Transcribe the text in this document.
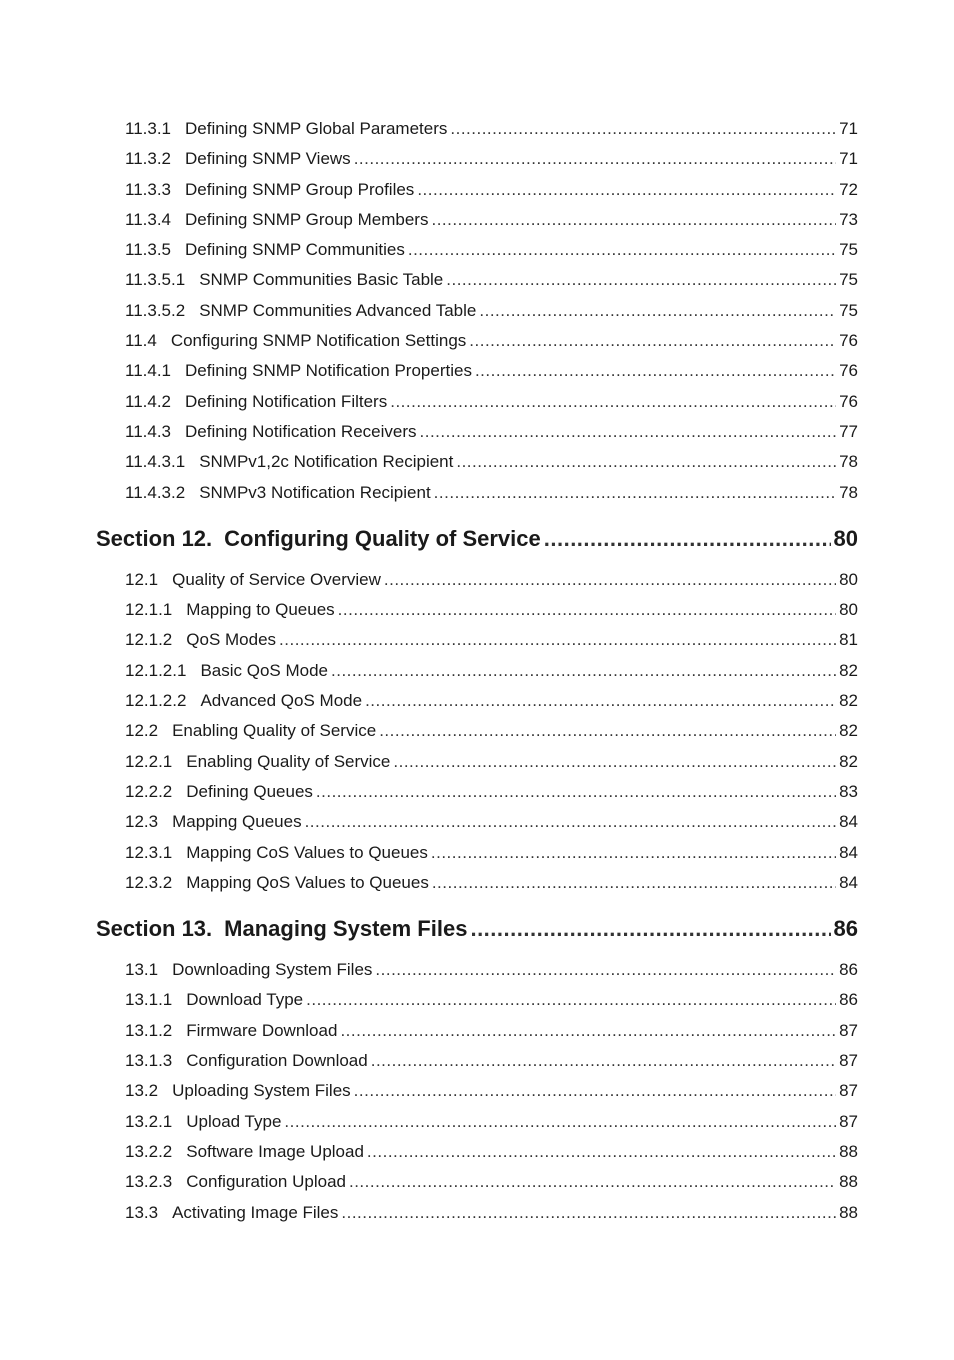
11.3.1 Defining SNMP Global Parameters .....	71
11.3.2 Defining SNMP Views .....	71
11.3.3 Defining SNMP Group Profiles .....	72
11.3.4 Defining SNMP Group Members .....	73
11.3.5 Defining SNMP Communities .....	75
11.3.5.1 SNMP Communities Basic Table .....	75
11.3.5.2 SNMP Communities Advanced Table .....	75
11.4 Configuring SNMP Notification Settings .....	76
11.4.1 Defining SNMP Notification Properties .....	76
11.4.2 Defining Notification Filters .....	76
11.4.3 Defining Notification Receivers .....	77
11.4.3.1 SNMPv1,2c Notification Recipient .....	78
11.4.3.2 SNMPv3 Notification Recipient .....	78
Section 12. Configuring Quality of Service .....	80
12.1 Quality of Service Overview .....	80
12.1.1 Mapping to Queues .....	80
12.1.2 QoS Modes .....	81
12.1.2.1 Basic QoS Mode .....	82
12.1.2.2 Advanced QoS Mode .....	82
12.2 Enabling Quality of Service .....	82
12.2.1 Enabling Quality of Service .....	82
12.2.2 Defining Queues .....	83
12.3 Mapping Queues .....	84
12.3.1 Mapping CoS Values to Queues .....	84
12.3.2 Mapping QoS Values to Queues .....	84
Section 13. Managing System Files .....	86
13.1 Downloading System Files .....	86
13.1.1 Download Type .....	86
13.1.2 Firmware Download .....	87
13.1.3 Configuration Download .....	87
13.2 Uploading System Files .....	87
13.2.1 Upload Type .....	87
13.2.2 Software Image Upload .....	88
13.2.3 Configuration Upload .....	88
13.3 Activating Image Files .....	88
